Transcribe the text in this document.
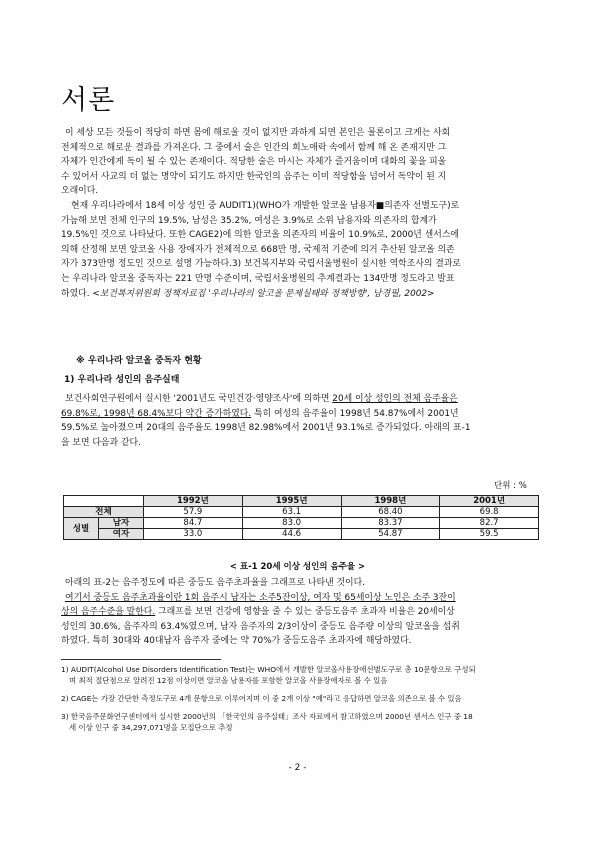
서론
이 세상 모든 것들이 적당히 하면 몸에 해로울 것이 없지만 과하게 되면 본인은 물론이고 크게는 사회
전체적으로 해로운 결과를 가져온다. 그 중에서 술은 인간의 희노애락 속에서 함께 해 온 존재지만 그
자체가 인간에게 독이 될 수 있는 존재이다. 적당한 술은 마시는 자체가 즐거움이며 대화의 꽃을 피울
수 있어서 사교의 더 없는 명약이 되기도 하지만 한국인의 음주는 이미 적당함을 넘어서 독약이 된 지
오래이다.
현재 우리나라에서 18세 이상 성인 중 AUDIT1)(WHO가 개발한 알코올 남용자■의존자 선별도구)로
가늠해 보면 전체 인구의 19.5%, 남성은 35.2%, 여성은 3.9%로 소위 남용자와 의존자의 합계가
19.5%인 것으로 나타났다. 또한 CAGE2)에 의한 알코올 의존자의 비율이 10.9%로, 2000년 센서스에
의해 산정해 보면 알코올 사용 장애자가 전체적으로 668만 명, 국제적 기준에 의거 추산된 알코올 의존
자가 373만명 정도인 것으로 설명 가능하다.3) 보건복지부와 국립서울병원이 실시한 역학조사의 결과로
는 우리나라 알코올 중독자는 221 만명 수준이며, 국립서울병원의 추계결과는 134만명 정도라고 발표
하였다. <보건복지위원회 정책자료집 '우리나라의 알코올 문제실태와 정책방향', 남경필, 2002>
※ 우리나라 알코올 중독자 현황
1) 우리나라 성인의 음주실태
보건사회연구원에서 실시한 '2001년도 국민건강·영양조사'에 의하면 20세 이상 성인의 전체 음주율은
69.8%로, 1998년 68.4%보다 약간 증가하였다. 특히 여성의 음주율이 1998년 54.87%에서 2001년
59.5%로 높아졌으며 20대의 음주율도 1998년 82.98%에서 2001년 93.1%로 증가되었다. 아래의 표-1
을 보면 다음과 같다.
단위 : %
		1992년	1995년	1998년	2001년
전체		57.9	63.1	68.40	69.8
성별	남자	84.7	83.0	83.37	82.7
	여자	33.0	44.6	54.87	59.5
< 표-1 20세 이상 성인의 음주율 >
아래의 표-2는 음주정도에 따른 중등도 음주초과율을 그래프로 나타낸 것이다.
여기서 중등도 음주초과율이란 1회 음주시 남자는 소주5잔이상, 여자 및 65세이상 노인은 소주 3잔이
상의 음주수준을 말한다. 그래프를 보면 건강에 영향을 줄 수 있는 중등도음주 초과자 비율은 20세이상
성인의 30.6%, 음주자의 63.4%였으며, 남자 음주자의 2/3이상이 중등도 음주량 이상의 알코올을 섭취
하였다. 특히 30대와 40대남자 음주자 중에는 약 70%가 중등도음주 초과자에 해당하였다.
1) AUDIT(Alcohol Use Disorders Identification Test)는 WHO에서 개발한 알코올사용장애선별도구로 총 10문항으로 구성되
며 최적 절단점으로 알려진 12점 이상이면 알코올 남용자를 포함한 알코올 사용장애자로 볼 수 있음
2) CAGE는 가장 간단한 측정도구로 4개 문항으로 이루어지며 이 중 2개 이상 "예"라고 응답하면 알코올 의존으로 볼 수 있음
3) 한국음주문화연구센터에서 실시한 2000년의 「한국인의 음주실태」조사 자료에서 참고하였으며 2000년 센서스 인구 중 18
세 이상 인구 중 34,297,071명을 모집단으로 추정
- 2 -
